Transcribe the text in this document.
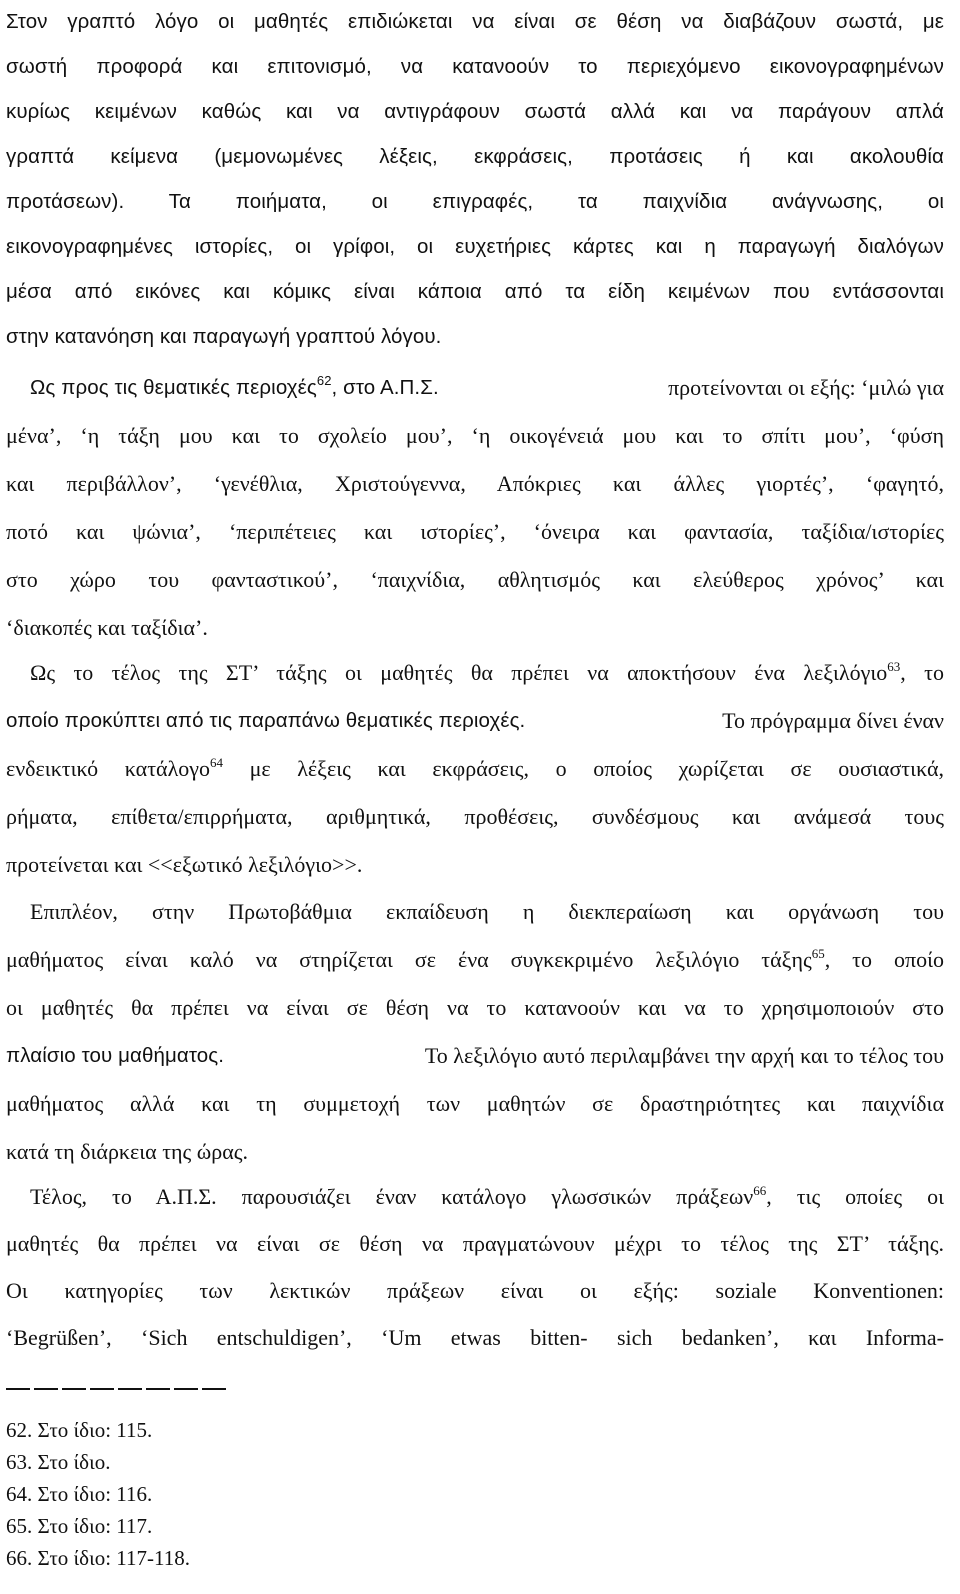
Στον γραπτό λόγο οι μαθητές επιδιώκεται να είναι σε θέση να διαβάζουν σωστά, με
σωστή προφορά και επιτονισμό, να κατανοούν το περιεχόμενο εικονογραφημένων
κυρίως κειμένων καθώς και να αντιγράφουν σωστά αλλά και να παράγουν απλά
γραπτά κείμενα (μεμονωμένες λέξεις, εκφράσεις, προτάσεις ή και ακολουθία
προτάσεων). Τα ποιήματα, οι επιγραφές, τα παιχνίδια ανάγνωσης, οι
εικονογραφημένες ιστορίες, οι γρίφοι, οι ευχετήριες κάρτες και η παραγωγή διαλόγων
μέσα από εικόνες και κόμικς είναι κάποια από τα είδη κειμένων που εντάσσονται
στην κατανόηση και παραγωγή γραπτού λόγου.
Ως προς τις θεματικές περιοχές$^{62}$, στο Α.Π.Σ.	προτείνονται οι εξής: ‘μιλώ για
μένα’, ‘η τάξη μου και το σχολείο μου’, ‘η οικογένειά μου και το σπίτι μου’, ‘φύση
και περιβάλλον’, ‘γενέθλια, Χριστούγεννα, Απόκριες και άλλες γιορτές’, ‘φαγητό,
ποτό και ψώνια’, ‘περιπέτειες και ιστορίες’, ‘όνειρα και φαντασία, ταξίδια/ιστορίες
στο χώρο του φανταστικού’, ‘παιχνίδια, αθλητισμός και ελεύθερος χρόνος’ και
‘διακοπές και ταξίδια’.
Ως το τέλος της ΣΤ’ τάξης οι μαθητές θα πρέπει να αποκτήσουν ένα λεξιλόγιο$^{63}$, το
οποίο προκύπτει από τις παραπάνω θεματικές περιοχές.	Το πρόγραμμα δίνει έναν
ενδεικτικό κατάλογο$^{64}$ με λέξεις και εκφράσεις, ο οποίος χωρίζεται σε ουσιαστικά,
ρήματα, επίθετα/επιρρήματα, αριθμητικά, προθέσεις, συνδέσμους και ανάμεσά τους
προτείνεται και <<εξωτικό λεξιλόγιο>>.
Επιπλέον, στην Πρωτοβάθμια εκπαίδευση η διεκπεραίωση και οργάνωση του
μαθήματος είναι καλό να στηρίζεται σε ένα συγκεκριμένο λεξιλόγιο τάξης$^{65}$, το οποίο
οι μαθητές θα πρέπει να είναι σε θέση να το κατανοούν και να το χρησιμοποιούν στο
πλαίσιο του μαθήματος.	Το λεξιλόγιο αυτό περιλαμβάνει την αρχή και το τέλος του
μαθήματος αλλά και τη συμμετοχή των μαθητών σε δραστηριότητες και παιχνίδια
κατά τη διάρκεια της ώρας.
Τέλος, το Α.Π.Σ. παρουσιάζει έναν κατάλογο γλωσσικών πράξεων$^{66}$, τις οποίες οι
μαθητές θα πρέπει να είναι σε θέση να πραγματώνουν μέχρι το τέλος της ΣΤ’ τάξης.
Οι κατηγορίες των λεκτικών πράξεων είναι οι εξής: soziale Konventionen:
‘Begrüßen’, ‘Sich entschuldigen’, ‘Um etwas bitten- sich bedanken’, και Informa-
62. Στο ίδιο: 115.
63. Στο ίδιο.
64. Στο ίδιο: 116.
65. Στο ίδιο: 117.
66. Στο ίδιο: 117-118.
